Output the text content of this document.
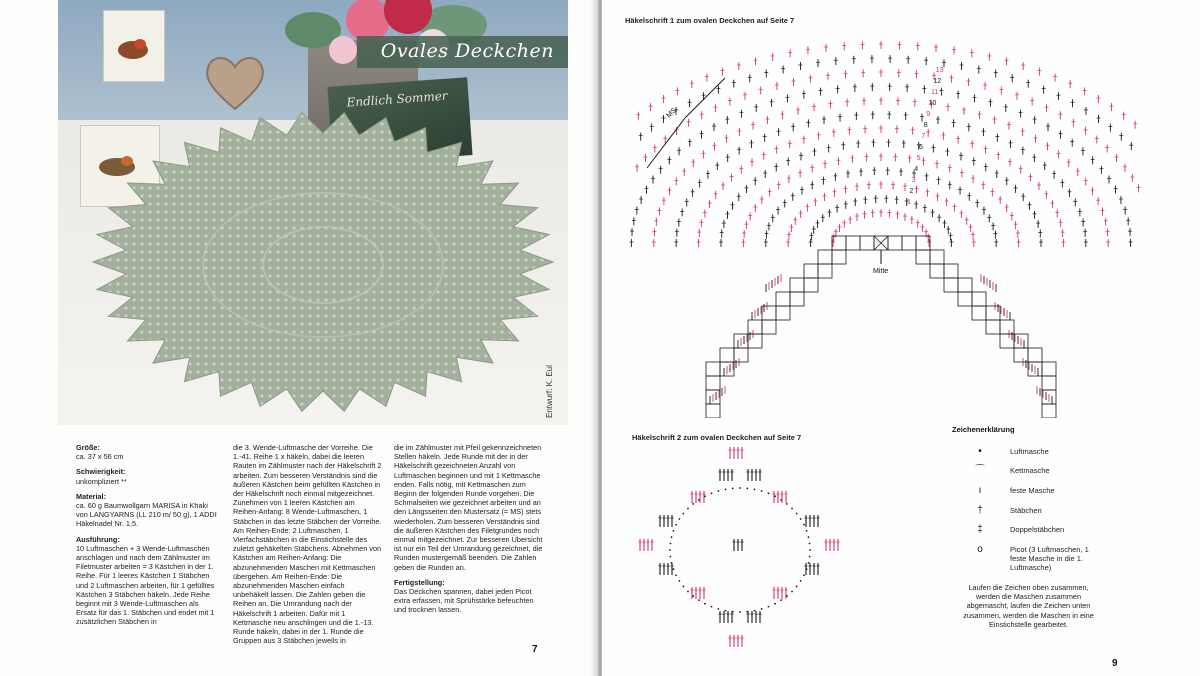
Endlich Sommer
Ovales Deckchen
Entwurf: K. Eul

Größe:

ca. 37 x 56 cm

Schwierigkeit:

unkompliziert **

Material:

ca. 60 g Baumwollgarn MARISA in Khaki von LANGYARNS (LL 210 m/ 50 g), 1 ADDI Häkelnadel Nr. 1,5.

Ausführung:

10 Luftmaschen + 3 Wende-Luftmaschen anschlagen und nach dem Zählmuster im Filetmuster arbeiten = 3 Kästchen in der 1. Reihe. Für 1 leeres Kästchen 1 Stäbchen und 2 Luftmaschen arbeiten, für 1 gefülltes Kästchen 3 Stäbchen häkeln. Jede Reihe beginnt mit 3 Wende-Luftmaschen als Ersatz für das 1. Stäbchen und endet mit 1 zusätzlichen Stäbchen in

die 3. Wende-Luftmasche der Vorreihe. Die 1.-41. Reihe 1 x häkeln, dabei die leeren Rauten im Zählmuster nach der Häkelschrift 2 arbeiten. Zum besseren Verständnis sind die äußeren Kästchen beim gefüllten Kästchen in der Häkelschrift noch einmal mitgezeichnet. Zunehmen von 1 leeren Kästchen am Reihen-Anfang: 8 Wende-Luftmaschen, 1 Stäbchen in das letzte Stäbchen der Vorreihe. Am Reihen-Ende: 2 Luftmaschen, 1 Vierfachstäbchen in die Einstichstelle des zuletzt gehäkelten Stäbchens. Abnehmen von Kästchen am Reihen-Anfang: Die abzunehmenden Maschen mit Kettmaschen übergehen. Am Reihen-Ende: Die abzunehmenden Maschen einfach unbehäkelt lassen. Die Zahlen geben die Reihen an. Die Umrandung nach der Häkelschrift 1 arbeiten. Dafür mit 1 Kettmasche neu anschlingen und die 1.-13. Runde häkeln, dabei in der 1. Runde die Gruppen aus 3 Stäbchen jeweils in

die im Zählmuster mit Pfeil gekennzeichneten Stellen häkeln. Jede Runde mit der in der Häkelschrift gezeichneten Anzahl von Luftmaschen beginnen und mit 1 Kettmasche enden. Falls nötig, mit Kettmaschen zum Beginn der folgenden Runde vorgehen. Die Schmalseiten wie gezeichnet arbeiten und an den Längsseiten den Mustersatz (= MS) stets wiederholen. Zum besseren Verständnis sind die äußeren Kästchen des Filetgrundes noch einmal mitgezeichnet. Zur besseren Übersicht ist nur ein Teil der Umrandung gezeichnet, die Runden mustergemäß beenden. Die Zahlen geben die Runden an.

Fertigstellung:

Das Deckchen spannen, dabei jeden Picot extra erfassen, mit Sprühstärke befeuchten und trocknen lassen.

7
Häkelschrift 1 zum ovalen Deckchen auf Seite 7
MS
Mitte
1
2
3
4
5
6
7
8
9
10
11
12
13
Häkelschrift 2 zum ovalen Deckchen auf Seite 7
Zeichenerklärung
•	Luftmasche
⌒	Kettmasche
ı	feste Masche
†	Stäbchen
‡	Doppelstäbchen
o	Picot (3 Luftmaschen, 1 feste Masche in die 1. Luftmasche)
Laufen die Zeichen oben zusammen, werden die Maschen zusammen abgemascht, laufen die Zeichen unten zusammen, werden die Maschen in eine Einstichstelle gearbeitet.
9
